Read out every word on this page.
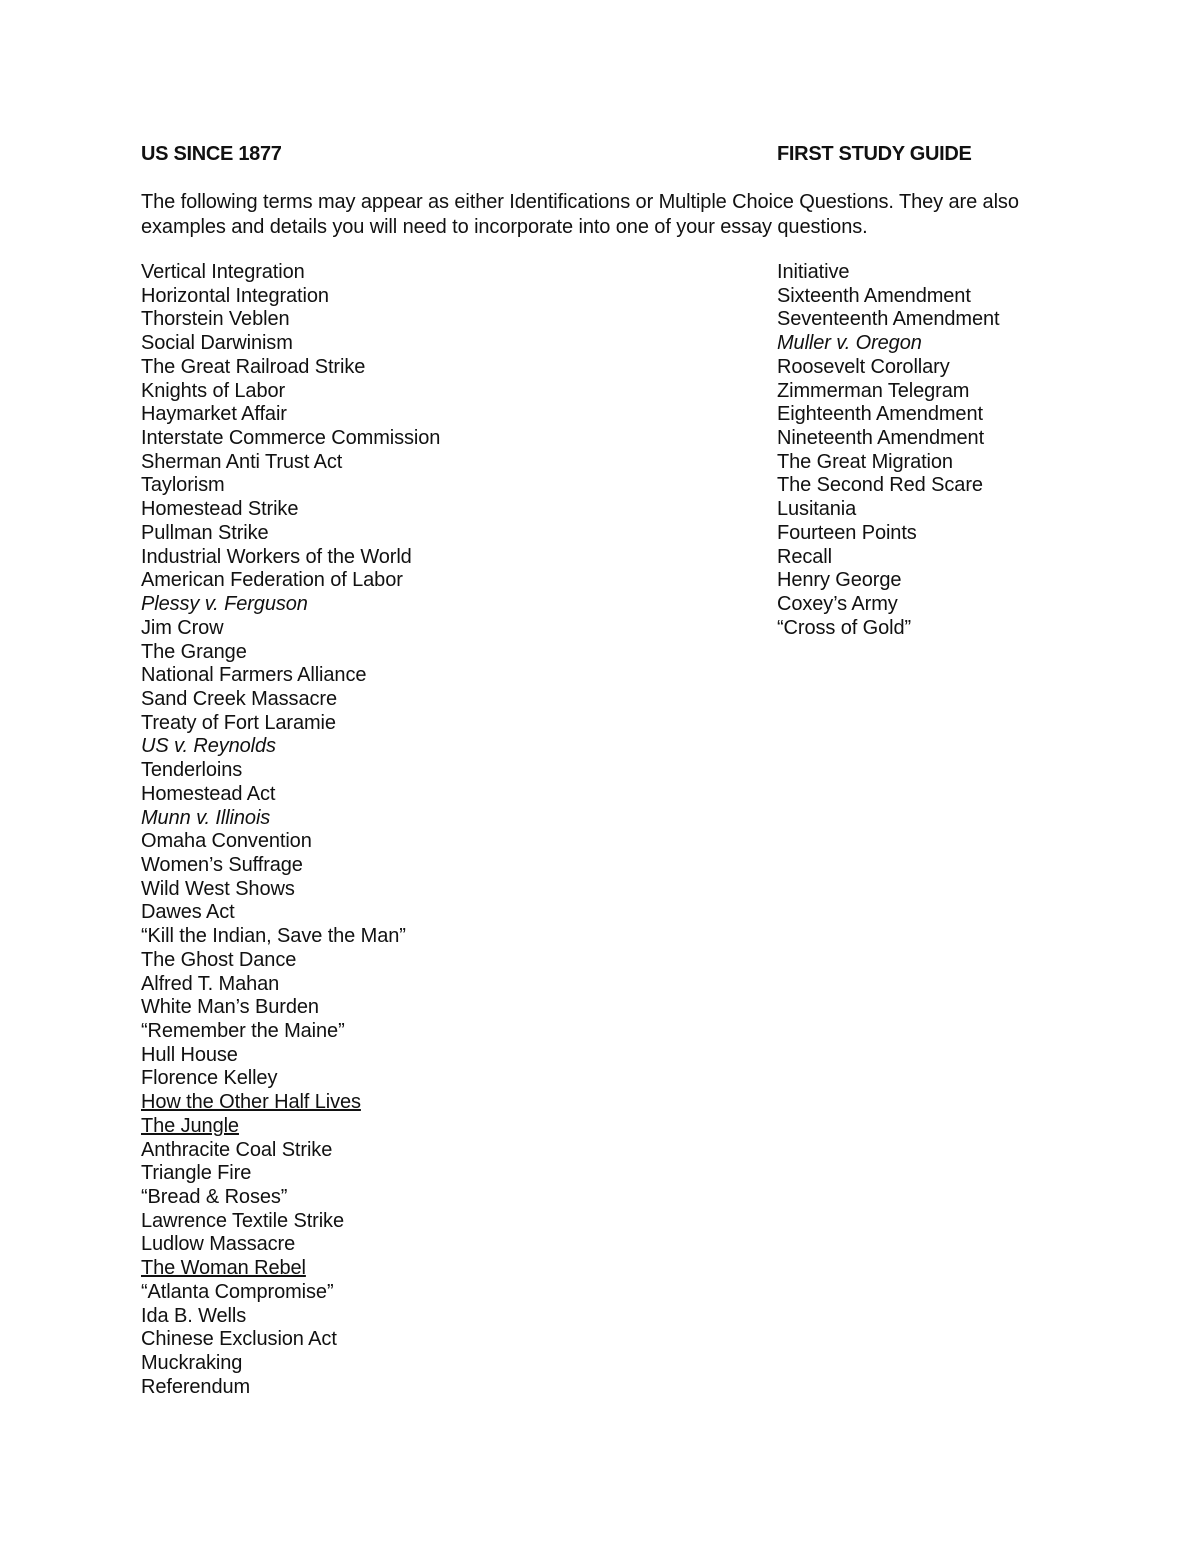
US SINCE 1877	FIRST STUDY GUIDE
The following terms may appear as either Identifications or Multiple Choice Questions. They are also examples and details you will need to incorporate into one of your essay questions.
Vertical Integration
Horizontal Integration
Thorstein Veblen
Social Darwinism
The Great Railroad Strike
Knights of Labor
Haymarket Affair
Interstate Commerce Commission
Sherman Anti Trust Act
Taylorism
Homestead Strike
Pullman Strike
Industrial Workers of the World
American Federation of Labor
Plessy v. Ferguson
Jim Crow
The Grange
National Farmers Alliance
Sand Creek Massacre
Treaty of Fort Laramie
US v. Reynolds
Tenderloins
Homestead Act
Munn v. Illinois
Omaha Convention
Women’s Suffrage
Wild West Shows
Dawes Act
“Kill the Indian, Save the Man”
The Ghost Dance
Alfred T. Mahan
White Man’s Burden
“Remember the Maine”
Hull House
Florence Kelley
How the Other Half Lives
The Jungle
Anthracite Coal Strike
Triangle Fire
“Bread & Roses”
Lawrence Textile Strike
Ludlow Massacre
The Woman Rebel
“Atlanta Compromise”
Ida B. Wells
Chinese Exclusion Act
Muckraking
Referendum
Initiative
Sixteenth Amendment
Seventeenth Amendment
Muller v. Oregon
Roosevelt Corollary
Zimmerman Telegram
Eighteenth Amendment
Nineteenth Amendment
The Great Migration
The Second Red Scare
Lusitania
Fourteen Points
Recall
Henry George
Coxey’s Army
“Cross of Gold”
